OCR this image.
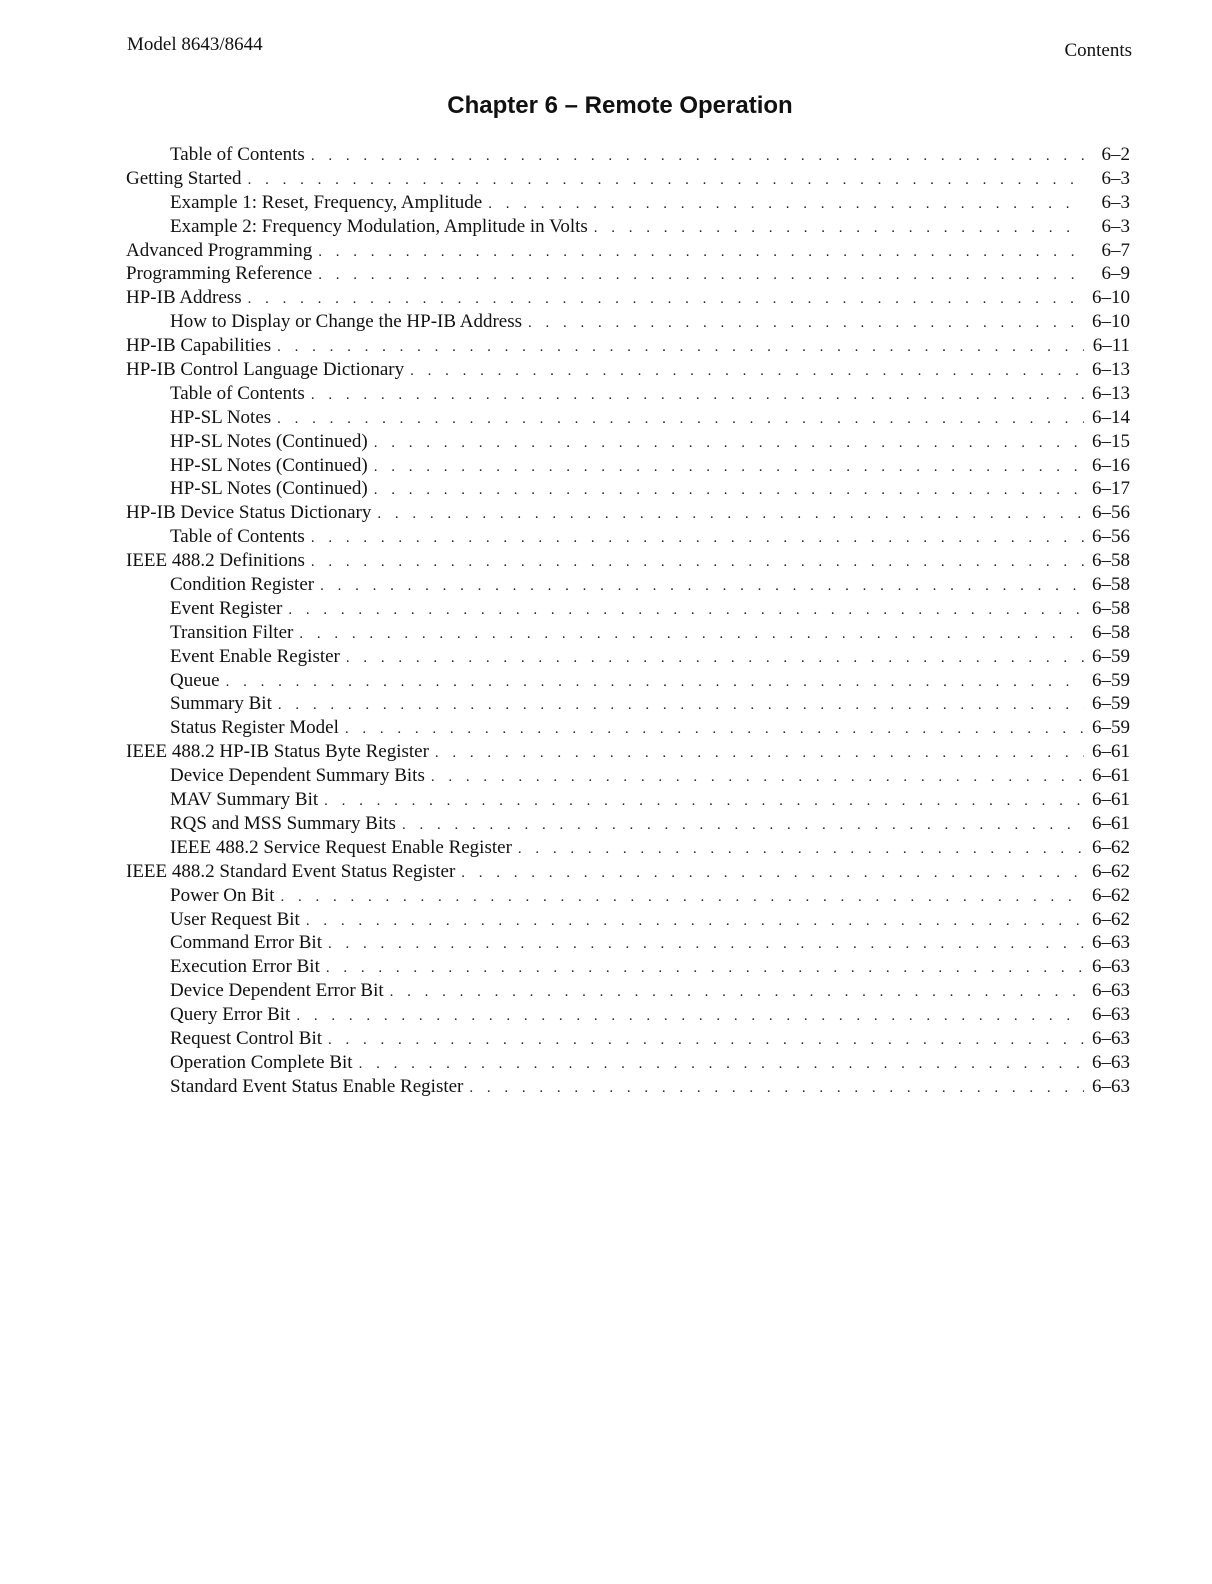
Model 8643/8644	Contents
Chapter 6 – Remote Operation
Table of Contents . . .	6–2
Getting Started . . .	6–3
Example 1: Reset, Frequency, Amplitude . . .	6–3
Example 2: Frequency Modulation, Amplitude in Volts . . .	6–3
Advanced Programming . . .	6–7
Programming Reference . . .	6–9
HP-IB Address . . .	6–10
How to Display or Change the HP-IB Address . . .	6–10
HP-IB Capabilities . . .	6–11
HP-IB Control Language Dictionary . . .	6–13
Table of Contents . . .	6–13
HP-SL Notes . . .	6–14
HP-SL Notes (Continued) . . .	6–15
HP-SL Notes (Continued) . . .	6–16
HP-SL Notes (Continued) . . .	6–17
HP-IB Device Status Dictionary . . .	6–56
Table of Contents . . .	6–56
IEEE 488.2 Definitions . . .	6–58
Condition Register . . .	6–58
Event Register . . .	6–58
Transition Filter . . .	6–58
Event Enable Register . . .	6–59
Queue . . .	6–59
Summary Bit . . .	6–59
Status Register Model . . .	6–59
IEEE 488.2 HP-IB Status Byte Register . . .	6–61
Device Dependent Summary Bits . . .	6–61
MAV Summary Bit . . .	6–61
RQS and MSS Summary Bits . . .	6–61
IEEE 488.2 Service Request Enable Register . . .	6–62
IEEE 488.2 Standard Event Status Register . . .	6–62
Power On Bit . . .	6–62
User Request Bit . . .	6–62
Command Error Bit . . .	6–63
Execution Error Bit . . .	6–63
Device Dependent Error Bit . . .	6–63
Query Error Bit . . .	6–63
Request Control Bit . . .	6–63
Operation Complete Bit . . .	6–63
Standard Event Status Enable Register . . .	6–63
